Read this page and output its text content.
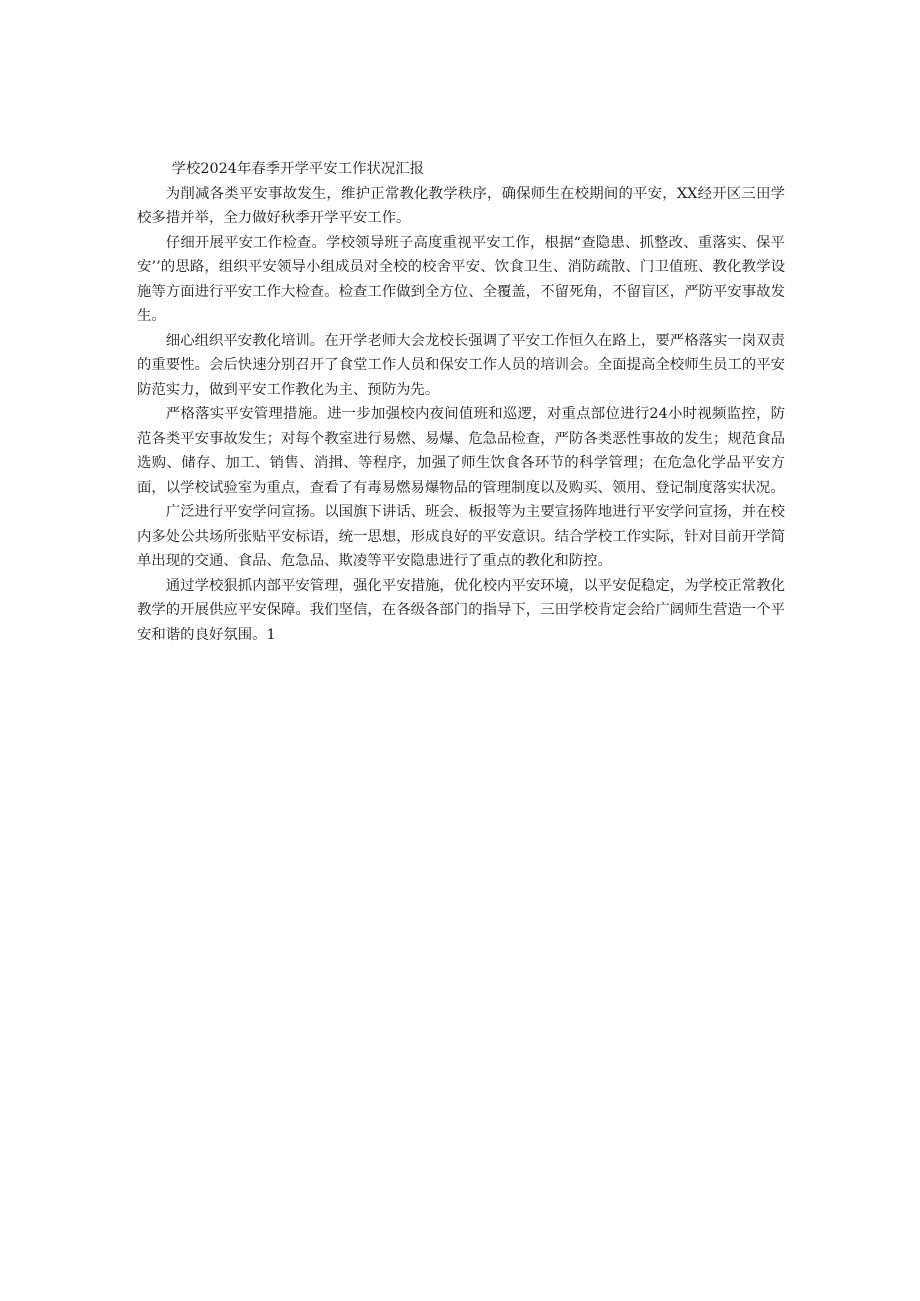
学校2024年春季开学平安工作状况汇报

为削减各类平安事故发生，维护正常教化教学秩序，确保师生在校期间的平安，XX经开区三田学校多措并举，全力做好秋季开学平安工作。

仔细开展平安工作检查。学校领导班子高度重视平安工作，根据“查隐患、抓整改、重落实、保平安’’的思路，组织平安领导小组成员对全校的校舍平安、饮食卫生、消防疏散、门卫值班、教化教学设施等方面进行平安工作大检查。检查工作做到全方位、全覆盖，不留死角，不留盲区，严防平安事故发生。

细心组织平安教化培训。在开学老师大会龙校长强调了平安工作恒久在路上，要严格落实一岗双责的重要性。会后快速分别召开了食堂工作人员和保安工作人员的培训会。全面提高全校师生员工的平安防范实力，做到平安工作教化为主、预防为先。

严格落实平安管理措施。进一步加强校内夜间值班和巡逻，对重点部位进行24小时视频监控，防范各类平安事故发生；对每个教室进行易燃、易爆、危急品检查，严防各类恶性事故的发生；规范食品选购、储存、加工、销售、消揖、等程序，加强了师生饮食各环节的科学管理；在危急化学品平安方面，以学校试验室为重点，查看了有毒易燃易爆物品的管理制度以及购买、领用、登记制度落实状况。

广泛进行平安学问宣扬。以国旗下讲话、班会、板报等为主要宣扬阵地进行平安学问宣扬，并在校内多处公共场所张贴平安标语，统一思想，形成良好的平安意识。结合学校工作实际，针对目前开学简单出现的交通、食品、危急品、欺凌等平安隐患进行了重点的教化和防控。

通过学校狠抓内部平安管理，强化平安措施，优化校内平安环境，以平安促稳定，为学校正常教化教学的开展供应平安保障。我们坚信，在各级各部门的指导下，三田学校肯定会给广阔师生营造一个平安和谐的良好氛围。1
